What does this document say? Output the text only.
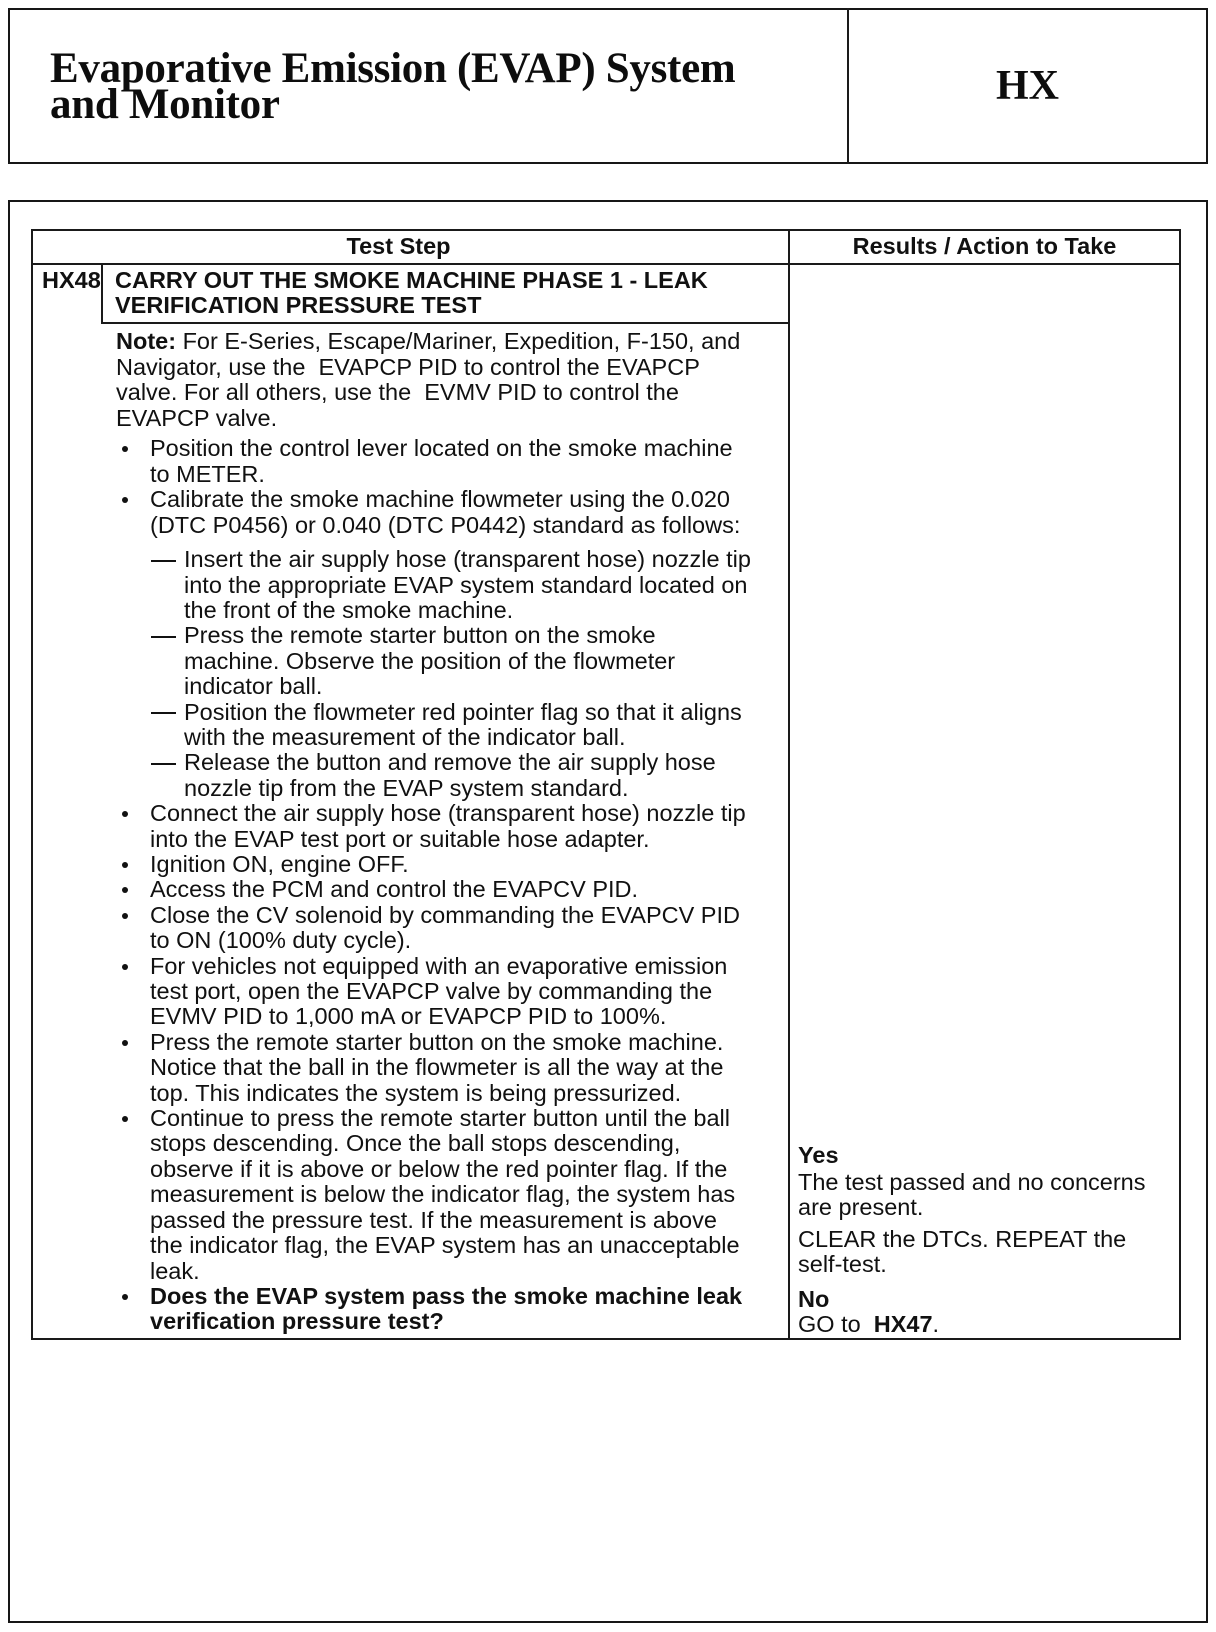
Evaporative Emission (EVAP) System
and Monitor	HX
Test Step	Results / Action to Take
HX48 CARRY OUT THE SMOKE MACHINE PHASE 1 - LEAK
VERIFICATION PRESSURE TEST
Note: For E-Series, Escape/Mariner, Expedition, F-150, and
Navigator, use the  EVAPCP PID to control the EVAPCP
valve. For all others, use the  EVMV PID to control the
EVAPCP valve.
Position the control lever located on the smoke machine
to METER.
Calibrate the smoke machine flowmeter using the 0.020
(DTC P0456) or 0.040 (DTC P0442) standard as follows:
Insert the air supply hose (transparent hose) nozzle tip
into the appropriate EVAP system standard located on
the front of the smoke machine.
Press the remote starter button on the smoke
machine. Observe the position of the flowmeter
indicator ball.
Position the flowmeter red pointer flag so that it aligns
with the measurement of the indicator ball.
Release the button and remove the air supply hose
nozzle tip from the EVAP system standard.
Connect the air supply hose (transparent hose) nozzle tip
into the EVAP test port or suitable hose adapter.
Ignition ON, engine OFF.
Access the PCM and control the EVAPCV PID.
Close the CV solenoid by commanding the EVAPCV PID
to ON (100% duty cycle).
For vehicles not equipped with an evaporative emission
test port, open the EVAPCP valve by commanding the
EVMV PID to 1,000 mA or EVAPCP PID to 100%.
Press the remote starter button on the smoke machine.
Notice that the ball in the flowmeter is all the way at the
top. This indicates the system is being pressurized.
Continue to press the remote starter button until the ball
stops descending. Once the ball stops descending,
observe if it is above or below the red pointer flag. If the
measurement is below the indicator flag, the system has
passed the pressure test. If the measurement is above
the indicator flag, the EVAP system has an unacceptable
leak.
Does the EVAP system pass the smoke machine leak
verification pressure test?
Yes
The test passed and no concerns
are present.
CLEAR the DTCs. REPEAT the
self-test.
No
GO to  HX47.
